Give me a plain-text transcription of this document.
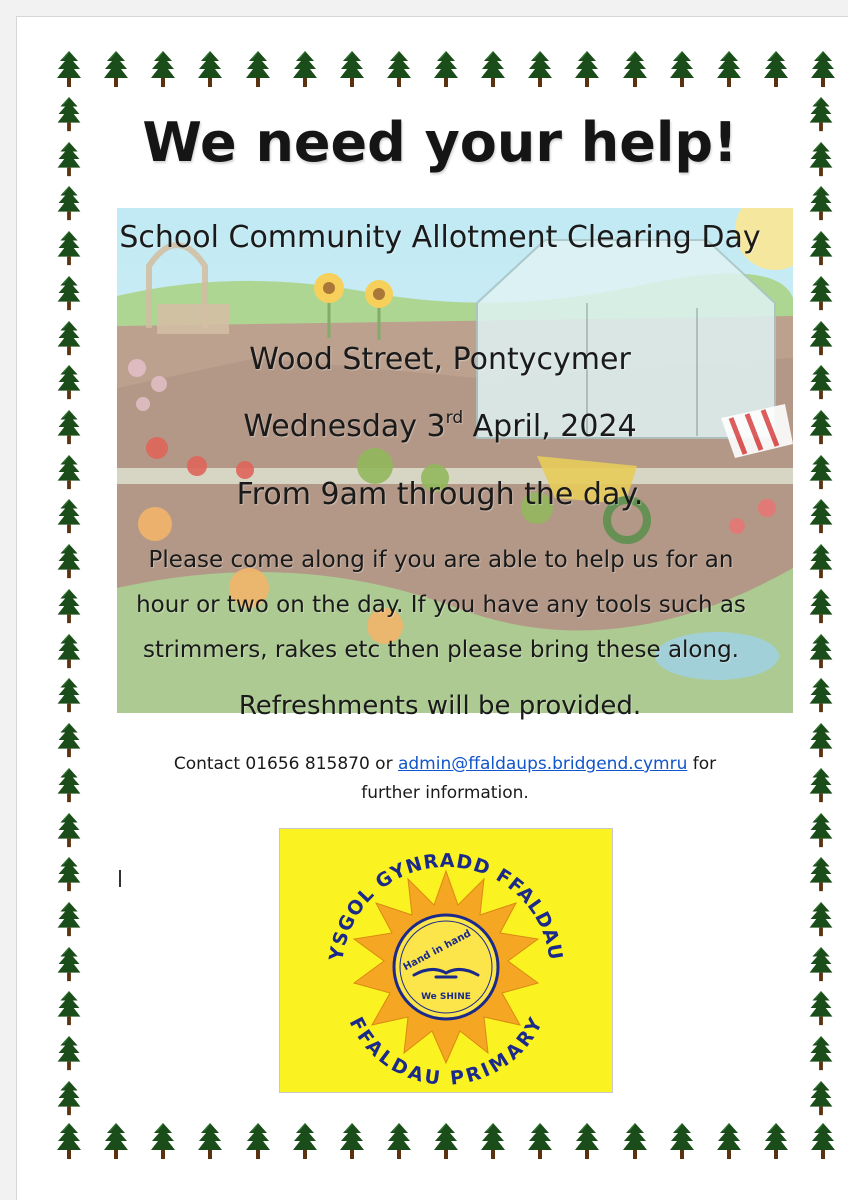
We need your help!
School Community Allotment Clearing Day
Wood Street, Pontycymer
Wednesday 3rd April, 2024
From 9am through the day.
Please come along if you are able to help us for an
hour or two on the day. If you have any tools such as
strimmers, rakes etc then please bring these along.
Refreshments will be provided.
Contact 01656 815870 or admin@ffaldaups.bridgend.cymru for
further information.
Hand in hand
We SHINE
YSGOL GYNRADD FFALDAU
FFALDAU PRIMARY
